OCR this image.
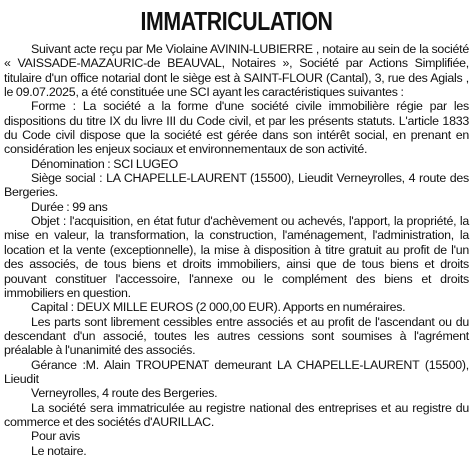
IMMATRICULATION

Suivant acte reçu par Me Violaine AVININ-LUBIERRE , notaire au sein de la société « VAISSADE-MAZAURIC-de BEAUVAL, Notaires », Société par Actions Simplifiée, titulaire d'un office notarial dont le siège est à SAINT-FLOUR (Cantal), 3, rue des Agials , le 09.07.2025, a été constituée une SCI ayant les caractéristiques suivantes :

Forme : La société a la forme d'une société civile immobilière régie par les dispositions du titre IX du livre III du Code civil, et par les présents statuts. L'article 1833 du Code civil dispose que la société est gérée dans son intérêt social, en prenant en considération les enjeux sociaux et environnementaux de son activité.

Dénomination : SCI LUGEO

Siège social : LA CHAPELLE-LAURENT (15500), Lieudit Verneyrolles, 4 route des Bergeries.

Durée : 99 ans

Objet : l'acquisition, en état futur d'achèvement ou achevés, l'apport, la propriété, la mise en valeur, la transformation, la construction, l'aménagement, l'administration, la location et la vente (exceptionnelle), la mise à disposition à titre gratuit au profit de l'un des associés, de tous biens et droits immobiliers, ainsi que de tous biens et droits pouvant constituer l'accessoire, l'annexe ou le complément des biens et droits immobiliers en question.

Capital : DEUX MILLE EUROS (2 000,00 EUR). Apports en numéraires.

Les parts sont librement cessibles entre associés et au profit de l'ascendant ou du descendant d'un associé, toutes les autres cessions sont soumises à l'agrément préalable à l'unanimité des associés.

Gérance :M. Alain TROUPENAT demeurant LA CHAPELLE-LAURENT (15500), Lieudit

Verneyrolles, 4 route des Bergeries.

La société sera immatriculée au registre national des entreprises et au registre du commerce et des sociétés d'AURILLAC.

Pour avis

Le notaire.
